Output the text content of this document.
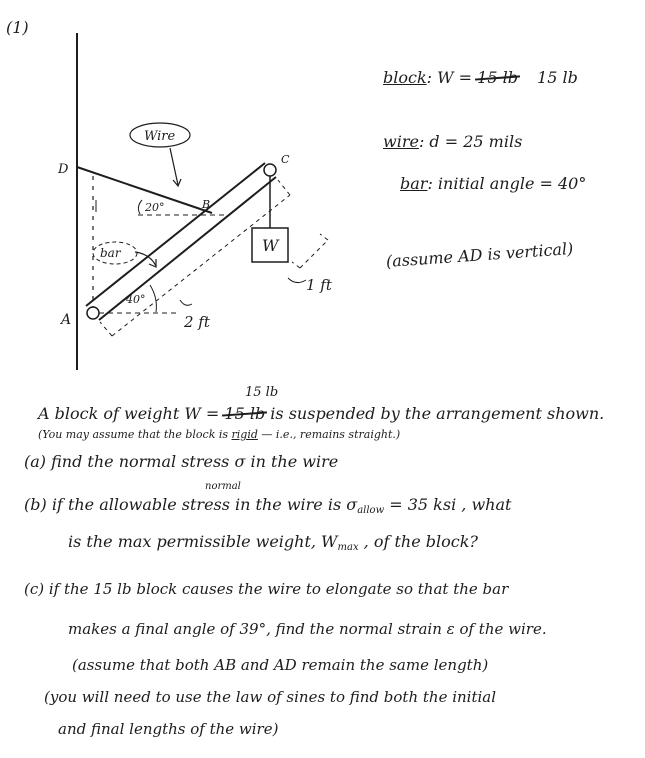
(1)
D
A
B
C
W
Wire
bar
20°
40°
2 ft
1 ft
block: W = 15 lb 15 lb
wire: d = 25 mils
bar: initial angle = 40°
(assume AD is vertical)
15 lb
A block of weight W = 15 lb is suspended by the arrangement shown.
(You may assume that the block is rigid — i.e., remains straight.)
(a) find the normal stress σ in the wire
normal
(b) if the allowable stress in the wire is $\sigma_{allow} = 35$ ksi , what
is the max permissible weight, $W_{max}$ , of the block?
(c) if the 15 lb block causes the wire to elongate so that the bar
makes a final angle of 39°, find the normal strain ε of the wire.
(assume that both AB and AD remain the same length)
(you will need to use the law of sines to find both the initial
and final lengths of the wire)
